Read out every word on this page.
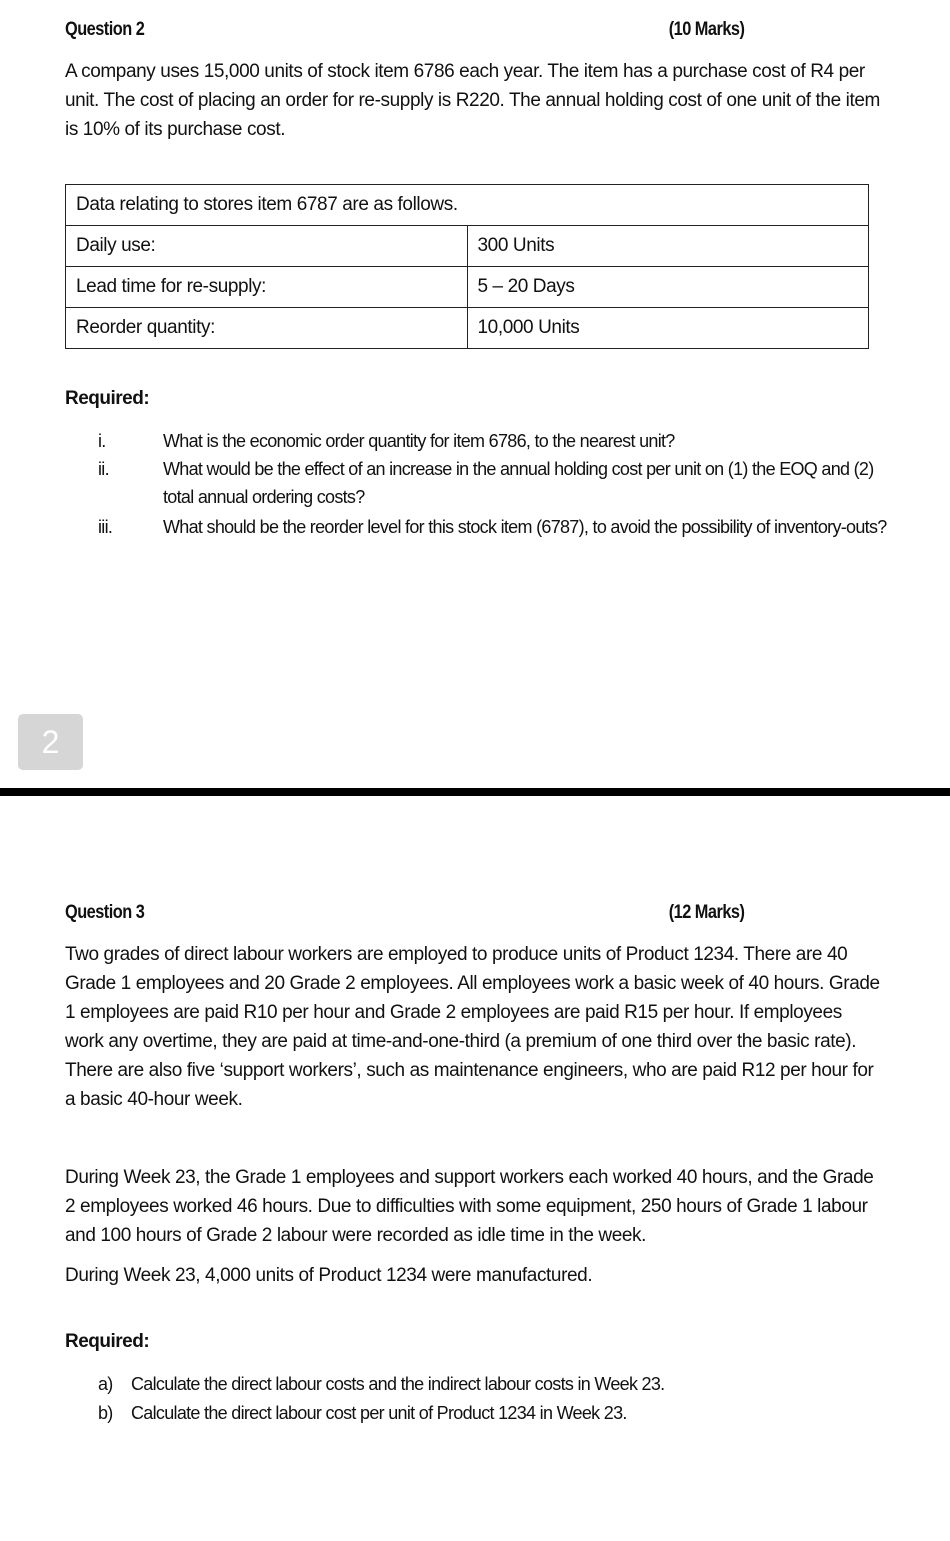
Question 2	(10 Marks)

A company uses 15,000 units of stock item 6786 each year. The item has a purchase cost of R4 per unit. The cost of placing an order for re-supply is R220. The annual holding cost of one unit of the item is 10% of its purchase cost.

Data relating to stores item 6787 are as follows.	
Daily use:	300 Units
Lead time for re-supply:	5 – 20 Days
Reorder quantity:	10,000 Units
Required:
i.	What is the economic order quantity for item 6786, to the nearest unit?
ii.	What would be the effect of an increase in the annual holding cost per unit on (1) the EOQ and (2) total annual ordering costs?
iii.	What should be the reorder level for this stock item (6787), to avoid the possibility of inventory-outs?
2
Question 3	(12 Marks)

Two grades of direct labour workers are employed to produce units of Product 1234. There are 40 Grade 1 employees and 20 Grade 2 employees. All employees work a basic week of 40 hours. Grade 1 employees are paid R10 per hour and Grade 2 employees are paid R15 per hour. If employees work any overtime, they are paid at time-and-one-third (a premium of one third over the basic rate). There are also five ‘support workers’, such as maintenance engineers, who are paid R12 per hour for a basic 40-hour week.

During Week 23, the Grade 1 employees and support workers each worked 40 hours, and the Grade 2 employees worked 46 hours. Due to difficulties with some equipment, 250 hours of Grade 1 labour and 100 hours of Grade 2 labour were recorded as idle time in the week.

During Week 23, 4,000 units of Product 1234 were manufactured.

Required:
a) Calculate the direct labour costs and the indirect labour costs in Week 23.
b) Calculate the direct labour cost per unit of Product 1234 in Week 23.
